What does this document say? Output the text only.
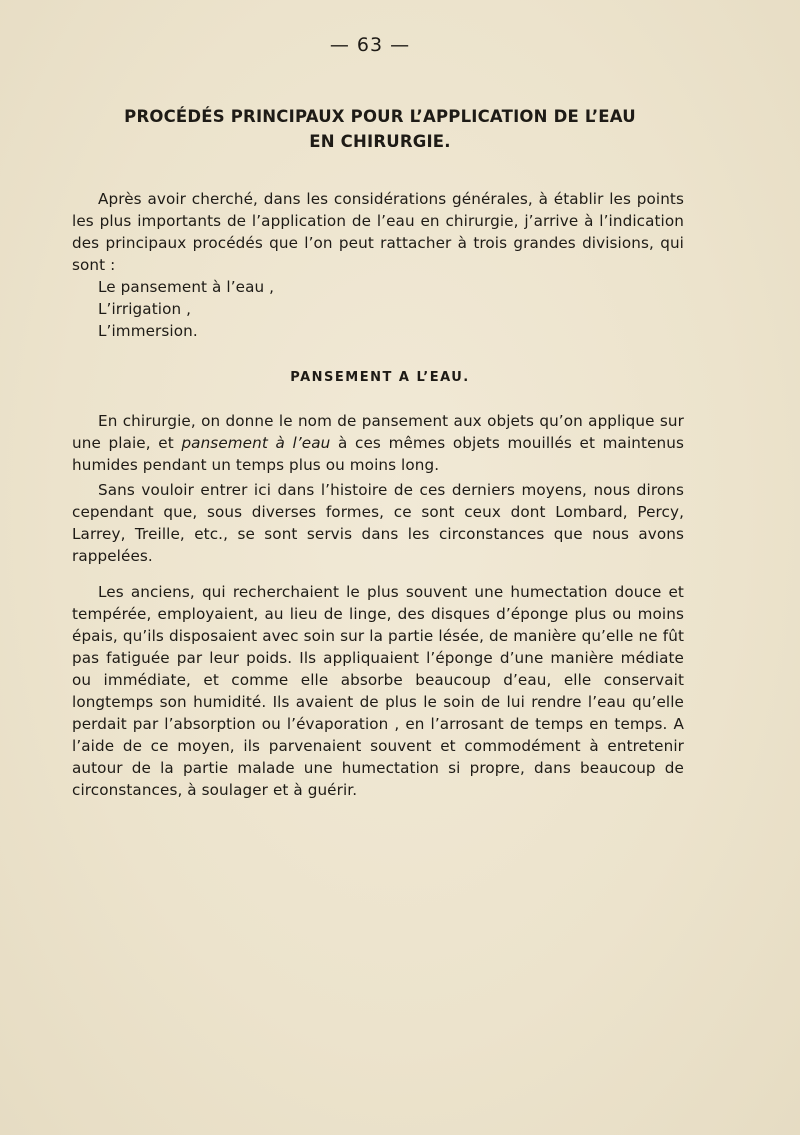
— 63 —
PROCÉDÉS PRINCIPAUX POUR L’APPLICATION DE L’EAU
EN CHIRURGIE.

Après avoir cherché, dans les considérations générales, à établir les points les plus importants de l’application de l’eau en chirurgie, j’arrive à l’indication des principaux procédés que l’on peut rattacher à trois grandes divisions, qui sont :

Le pansement à l’eau ,

L’irrigation ,

L’immersion.

PANSEMENT A L’EAU.

En chirurgie, on donne le nom de pansement aux objets qu’on applique sur une plaie, et pansement à l’eau à ces mêmes objets mouillés et maintenus humides pendant un temps plus ou moins long.

Sans vouloir entrer ici dans l’histoire de ces derniers moyens, nous dirons cependant que, sous diverses formes, ce sont ceux dont Lombard, Percy, Larrey, Treille, etc., se sont servis dans les circonstances que nous avons rappelées.

Les anciens, qui recherchaient le plus souvent une humectation douce et tempérée, employaient, au lieu de linge, des disques d’éponge plus ou moins épais, qu’ils disposaient avec soin sur la partie lésée, de manière qu’elle ne fût pas fatiguée par leur poids. Ils appliquaient l’éponge d’une manière médiate ou immédiate, et comme elle absorbe beaucoup d’eau, elle conservait longtemps son humidité. Ils avaient de plus le soin de lui rendre l’eau qu’elle perdait par l’absorption ou l’évaporation , en l’arrosant de temps en temps. A l’aide de ce moyen, ils parvenaient souvent et commodément à entretenir autour de la partie malade une humectation si propre, dans beaucoup de circonstances, à soulager et à guérir.
